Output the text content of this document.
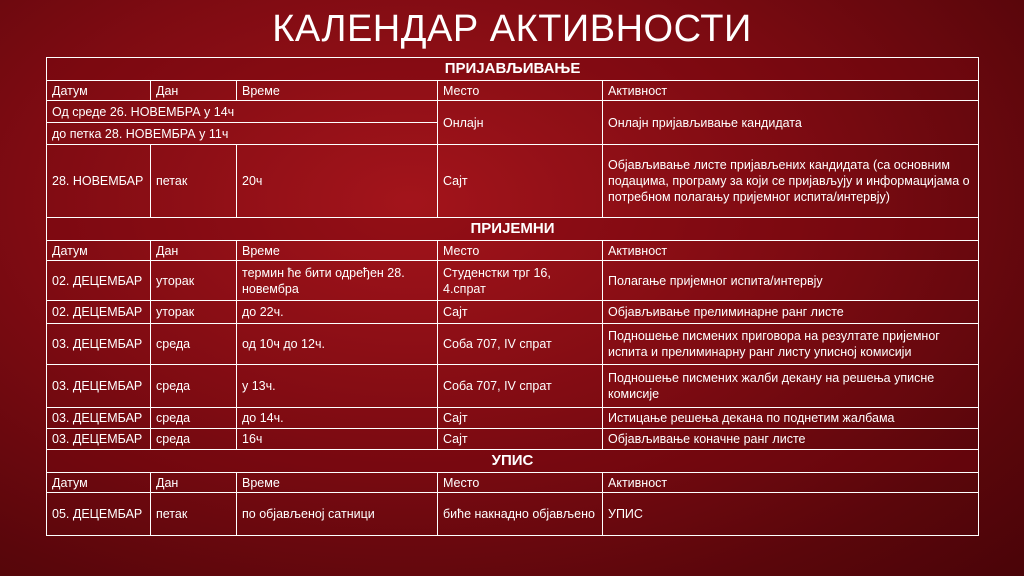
КАЛЕНДАР АКТИВНОСТИ
ПРИЈАВЉИВАЊЕ				
Датум	Дан	Време	Место	Активност
Од среде 26. НОВЕМБРА у 14ч			Онлајн	Онлајн пријављивање кандидата
до петка 28. НОВЕМБРА у 11ч				
28. НОВЕМБАР	петак	20ч	Сајт	Објављивање листе пријављених кандидата (са основним подацима, програму за који се пријављују и информацијама о потребном полагању пријемног испита/интервју)
ПРИЈЕМНИ				
Датум	Дан	Време	Место	Активност
02. ДЕЦЕМБАР	уторак	термин ће бити одређен 28. новембра	Студенстки трг 16, 4.спрат	Полагање пријемног испита/интервју
02. ДЕЦЕМБАР	уторак	до 22ч.	Сајт	Објављивање прелиминарне ранг листе
03. ДЕЦЕМБАР	среда	од 10ч до 12ч.	Соба 707, IV спрат	Подношење писмених приговора на резултате пријемног испита и прелиминарну ранг листу уписној комисији
03. ДЕЦЕМБАР	среда	у 13ч.	Соба 707, IV спрат	Подношење писмених жалби декану на решења уписне комисије
03. ДЕЦЕМБАР	среда	до 14ч.	Сајт	Истицање решења декана по поднетим жалбама
03. ДЕЦЕМБАР	среда	16ч	Сајт	Објављивање коначне ранг листе
УПИС				
Датум	Дан	Време	Место	Активност
05. ДЕЦЕМБАР	петак	по објављеној сатници	биће накнадно објављено	УПИС
